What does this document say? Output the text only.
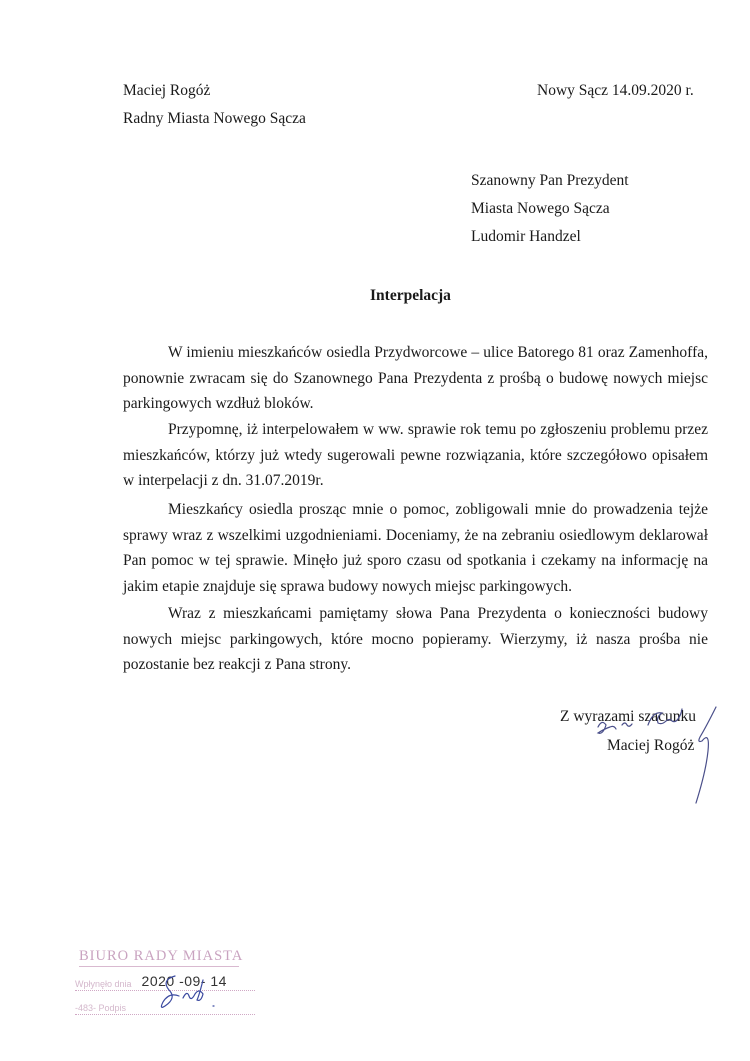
Maciej Rogóż
Radny Miasta Nowego Sącza
Nowy Sącz 14.09.2020 r.
Szanowny Pan Prezydent
Miasta Nowego Sącza
Ludomir Handzel
Interpelacja
W imieniu mieszkańców osiedla Przydworcowe – ulice Batorego 81 oraz Zamenhoffa,
ponownie zwracam się do Szanownego Pana Prezydenta z prośbą o budowę nowych miejsc
parkingowych wzdłuż bloków.
Przypomnę, iż interpelowałem w ww. sprawie rok temu po zgłoszeniu problemu przez
mieszkańców, którzy już wtedy sugerowali pewne rozwiązania, które szczegółowo opisałem
w interpelacji z dn. 31.07.2019r.
Mieszkańcy osiedla prosząc mnie o pomoc, zobligowali mnie do prowadzenia tejże
sprawy wraz z wszelkimi uzgodnieniami. Doceniamy, że na zebraniu osiedlowym deklarował
Pan pomoc w tej sprawie. Minęło już sporo czasu od spotkania i czekamy na informację na
jakim etapie znajduje się sprawa budowy nowych miejsc parkingowych.
Wraz z mieszkańcami pamiętamy słowa Pana Prezydenta o konieczności budowy
nowych miejsc parkingowych, które mocno popieramy. Wierzymy, iż nasza prośba nie
pozostanie bez reakcji z Pana strony.
Z wyrazami szacunku
Maciej Rogóż
BIURO RADY MIASTA
Wpłynęło dnia 2020 -09- 14
-483- Podpis
